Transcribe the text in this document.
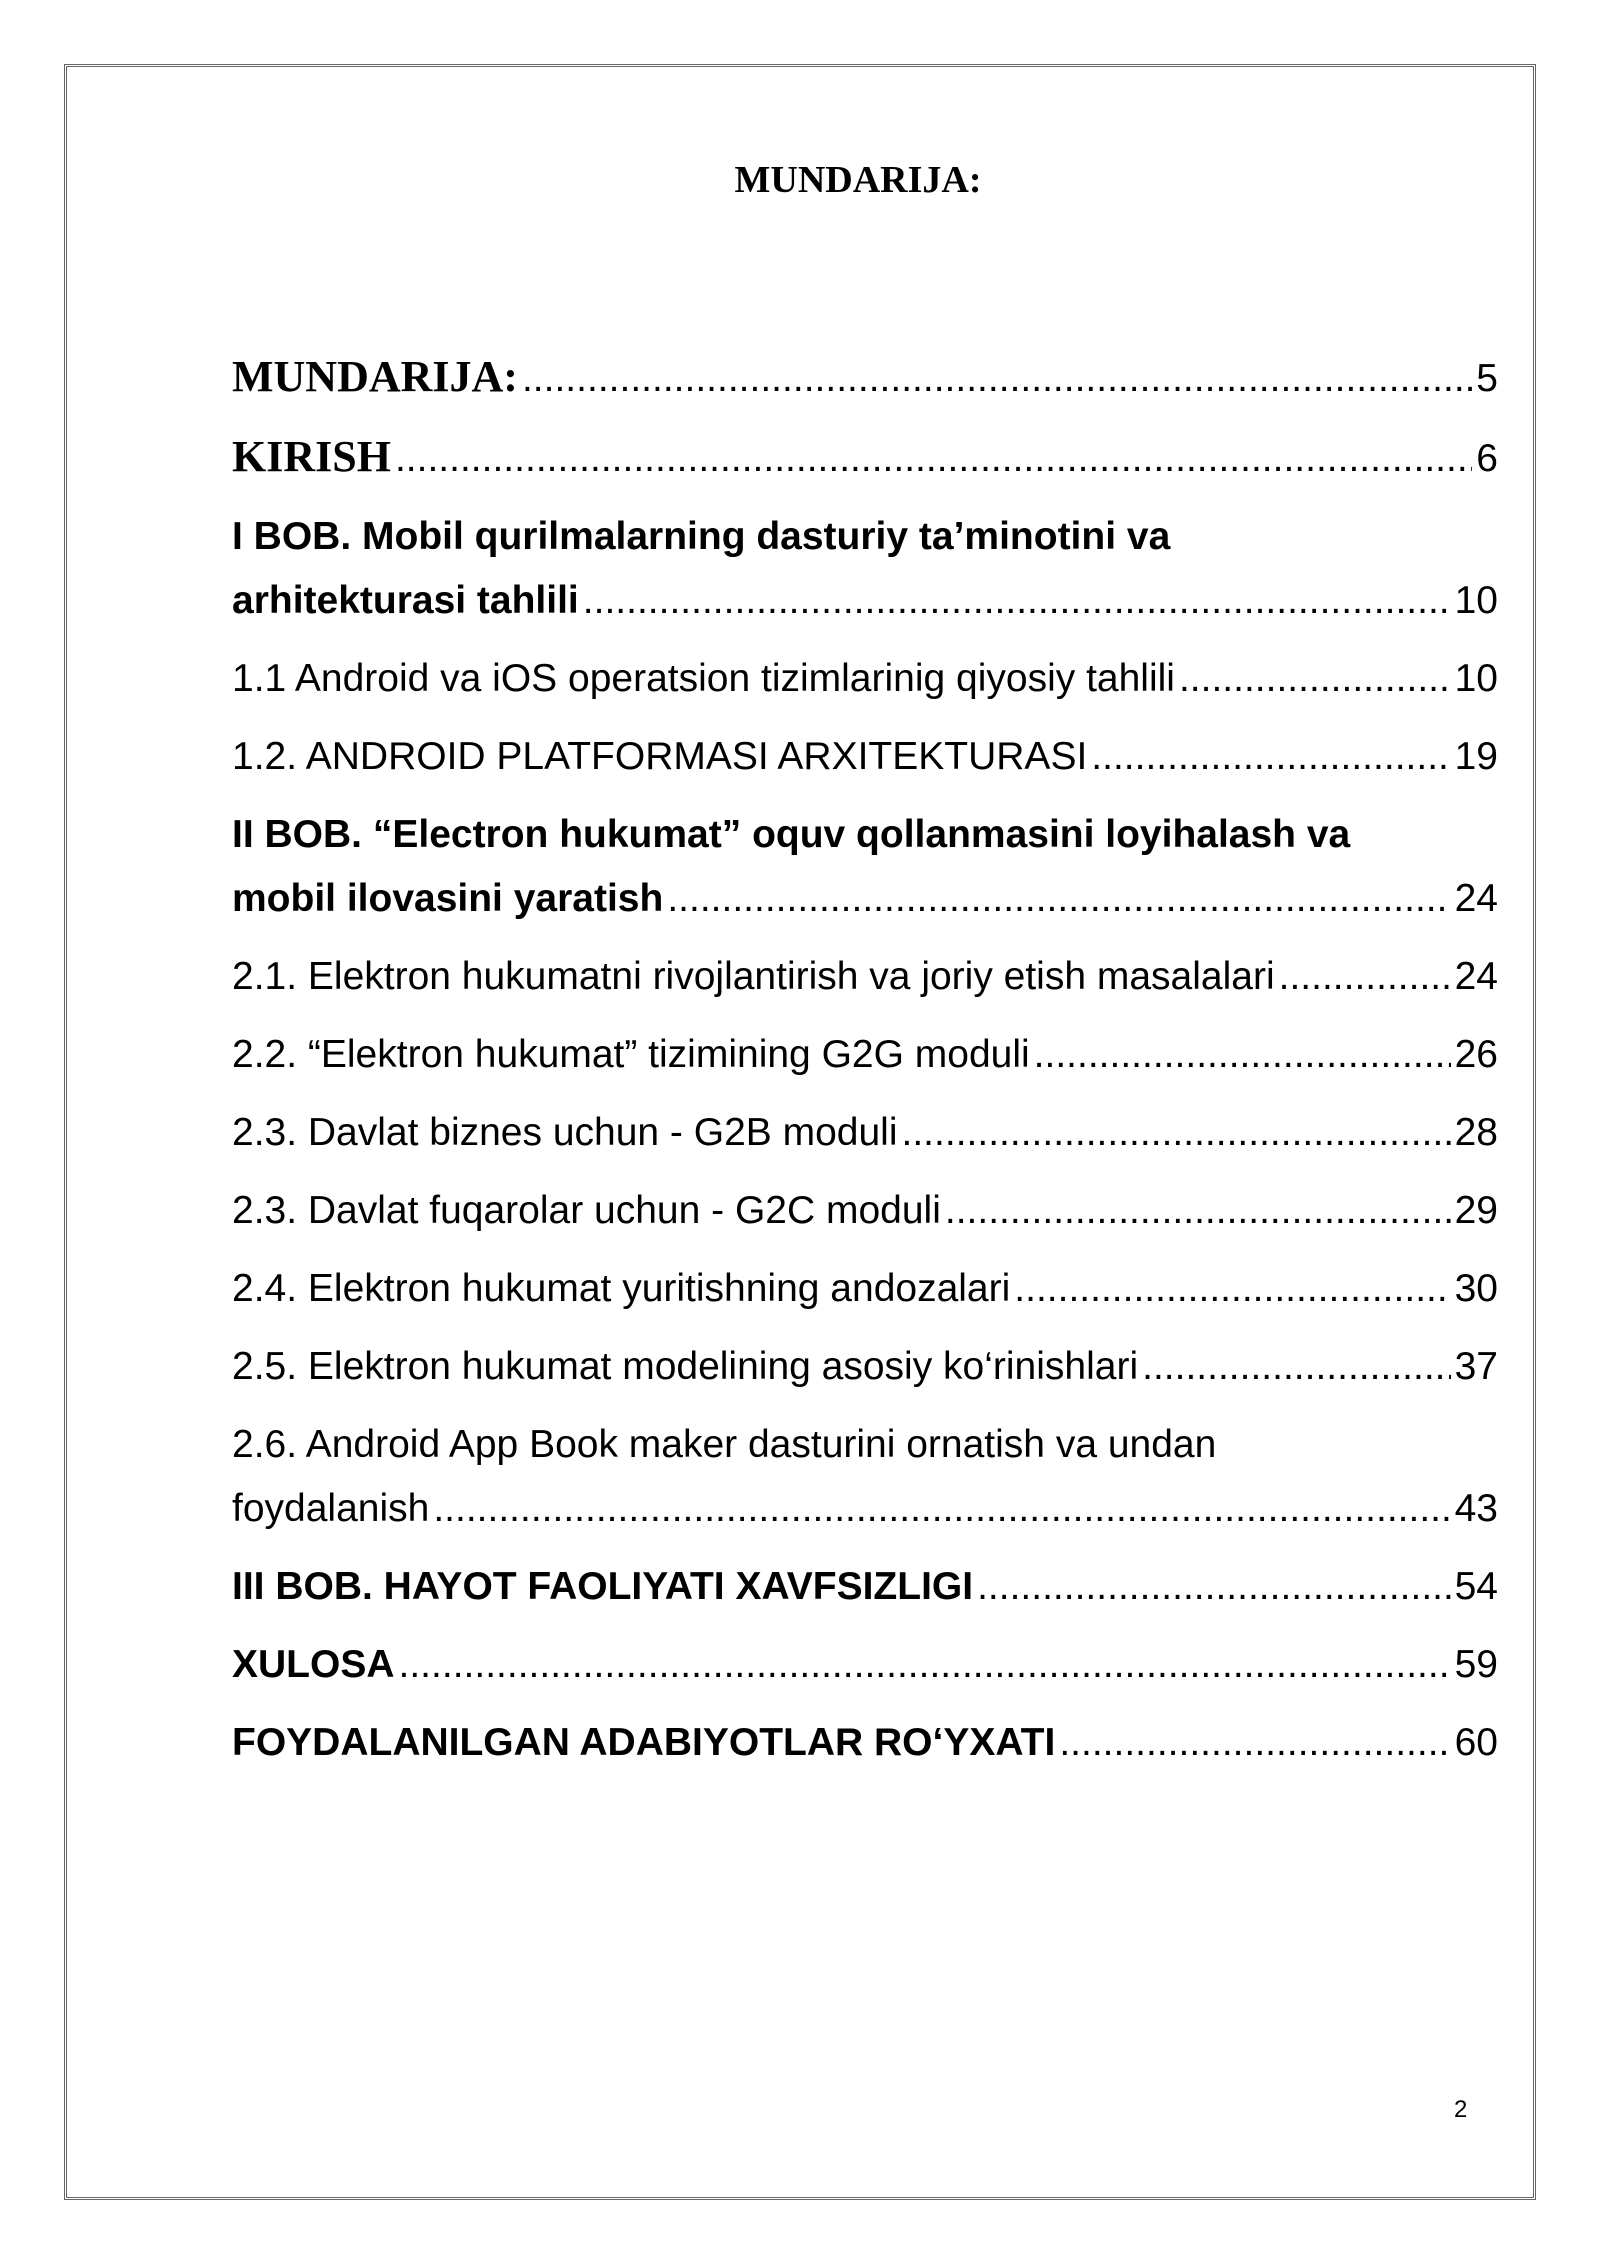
MUNDARIJA:
MUNDARIJA: .....	5
KIRISH .....	6
I BOB. Mobil qurilmalarning dasturiy ta’minotini va
arhitekturasi tahlili .....	10
1.1 Android va iOS operatsion tizimlarinig qiyosiy tahlili .....	10
1.2. ANDROID PLATFORMASI ARXITEKTURASI .....	19
II BOB. “Electron hukumat” oquv qollanmasini loyihalash va
mobil ilovasini yaratish .....	24
2.1. Elektron hukumatni rivojlantirish va joriy etish masalalari .....	24
2.2. “Elektron hukumat” tizimining G2G moduli .....	26
2.3. Davlat biznes uchun - G2B moduli .....	28
2.3. Davlat fuqarolar uchun - G2C moduli .....	29
2.4. Elektron hukumat yuritishning andozalari .....	30
2.5. Elektron hukumat modelining asosiy ko‘rinishlari .....	37
2.6. Android App Book maker dasturini ornatish va undan
foydalanish .....	43
III BOB. HAYOT FAOLIYATI XAVFSIZLIGI .....	54
XULOSA .....	59
FOYDALANILGAN ADABIYOTLAR RO‘YXATI .....	60
2
